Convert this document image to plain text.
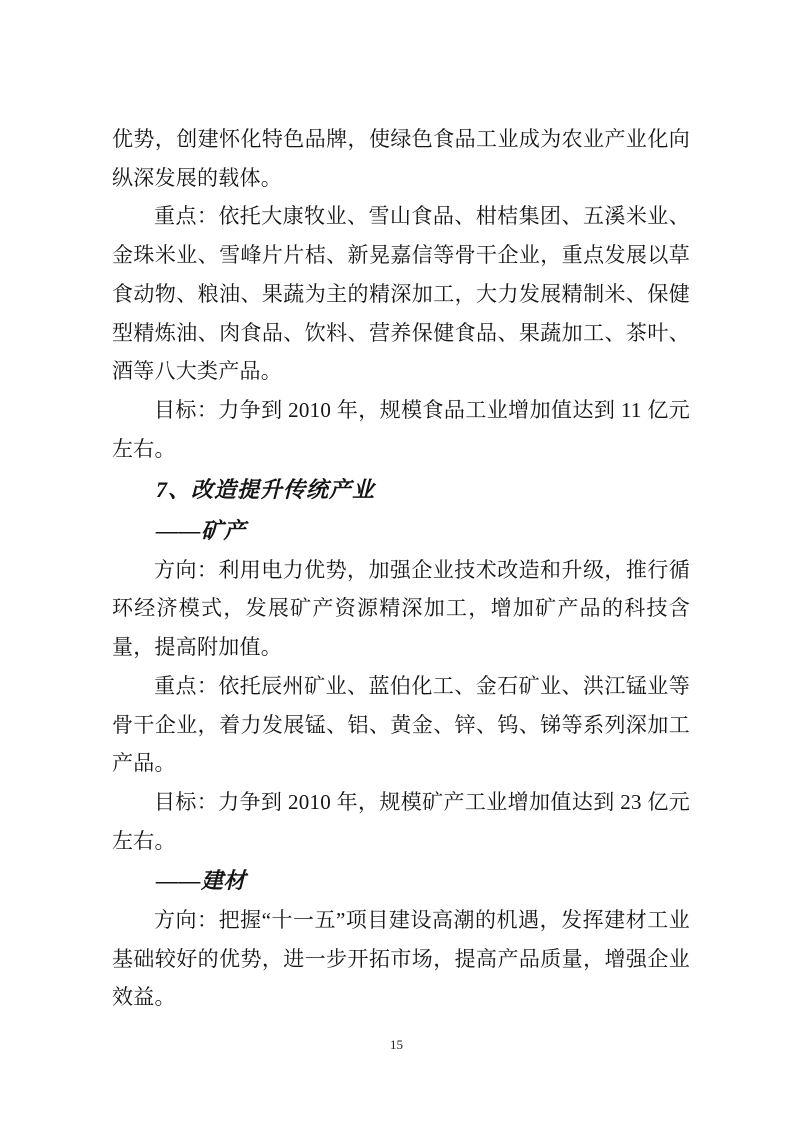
优势，创建怀化特色品牌，使绿色食品工业成为农业产业化向纵深发展的载体。

重点：依托大康牧业、雪山食品、柑桔集团、五溪米业、金珠米业、雪峰片片桔、新晃嘉信等骨干企业，重点发展以草食动物、粮油、果蔬为主的精深加工，大力发展精制米、保健型精炼油、肉食品、饮料、营养保健食品、果蔬加工、茶叶、酒等八大类产品。

目标：力争到 2010 年，规模食品工业增加值达到 11 亿元左右。

7、改造提升传统产业
——矿产

方向：利用电力优势，加强企业技术改造和升级，推行循环经济模式，发展矿产资源精深加工，增加矿产品的科技含量，提高附加值。

重点：依托辰州矿业、蓝伯化工、金石矿业、洪江锰业等骨干企业，着力发展锰、铝、黄金、锌、钨、锑等系列深加工产品。

目标：力争到 2010 年，规模矿产工业增加值达到 23 亿元左右。

——建材

方向：把握“十一五”项目建设高潮的机遇，发挥建材工业基础较好的优势，进一步开拓市场，提高产品质量，增强企业效益。

15
